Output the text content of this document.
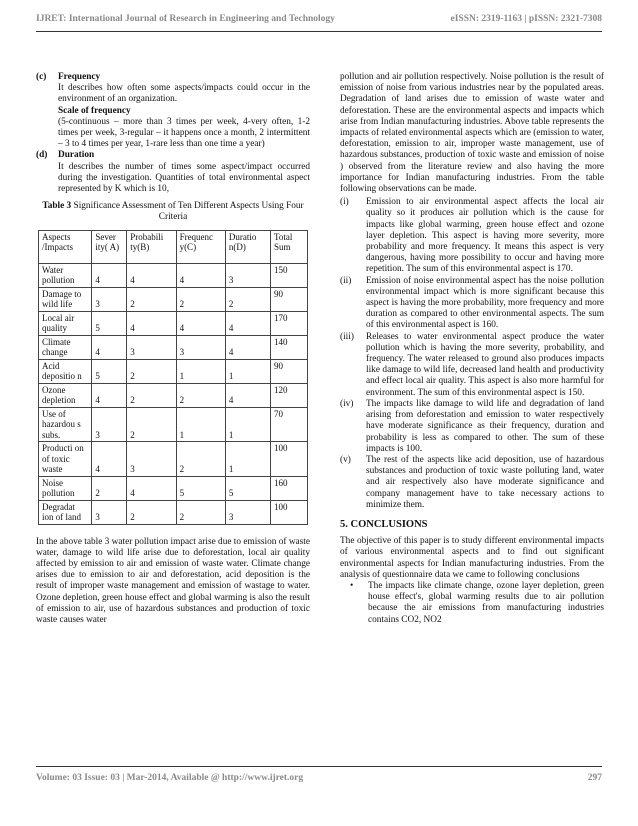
IJRET: International Journal of Research in Engineering and Technology	eISSN: 2319-1163 | pISSN: 2321-7308
(c)	Frequency
It describes how often some aspects/impacts could occur in the environment of an organization.
Scale of frequency
(5-continuous – more than 3 times per week, 4-very often, 1-2 times per week, 3-regular – it happens once a month, 2 intermittent – 3 to 4 times per year, 1-rare less than one time a year)
(d)	Duration
It describes the number of times some aspect/impact occurred during the investigation. Quantities of total environmental aspect represented by K which is 10,
Table 3 Significance Assessment of Ten Different Aspects Using Four Criteria
Aspects /Impacts	Sever ity( A)	Probabili ty(B)	Frequenc y(C)	Duratio n(D)	Total Sum
Water pollution	4	4	4	3	150
Damage to wild life	3	2	2	2	90
Local air quality	5	4	4	4	170
Climate change	4	3	3	4	140
Acid depositio n	5	2	1	1	90
Ozone depletion	4	2	2	4	120
Use of hazardou s subs.	3	2	1	1	70
Producti on of toxic waste	4	3	2	1	100
Noise pollution	2	4	5	5	160
Degradat ion of land	3	2	2	3	100
In the above table 3 water pollution impact arise due to emission of waste water, damage to wild life arise due to deforestation, local air quality affected by emission to air and emission of waste water. Climate change arises due to emission to air and deforestation, acid deposition is the result of improper waste management and emission of wastage to water. Ozone depletion, green house effect and global warming is also the result of emission to air, use of hazardous substances and production of toxic waste causes water
pollution and air pollution respectively. Noise pollution is the result of emission of noise from various industries near by the populated areas. Degradation of land arises due to emission of waste water and deforestation. These are the environmental aspects and impacts which arise from Indian manufacturing industries. Above table represents the impacts of related environmental aspects which are (emission to water, deforestation, emission to air, improper waste management, use of hazardous substances, production of toxic waste and emission of noise ) observed from the literature review and also having the more importance for Indian manufacturing industries. From the table following observations can be made.
(i)	Emission to air environmental aspect affects the local air quality so it produces air pollution which is the cause for impacts like global warming, green house effect and ozone layer depletion. This aspect is having more severity, more probability and more frequency. It means this aspect is very dangerous, having more possibility to occur and having more repetition. The sum of this environmental aspect is 170.
(ii)	Emission of noise environmental aspect has the noise pollution environmental impact which is more significant because this aspect is having the more probability, more frequency and more duration as compared to other environmental aspects. The sum of this environmental aspect is 160.
(iii)	Releases to water environmental aspect produce the water pollution which is having the more severity, probability, and frequency. The water released to ground also produces impacts like damage to wild life, decreased land health and productivity and effect local air quality. This aspect is also more harmful for environment. The sum of this environmental aspect is 150.
(iv)	The impacts like damage to wild life and degradation of land arising from deforestation and emission to water respectively have moderate significance as their frequency, duration and probability is less as compared to other. The sum of these impacts is 100.
(v)	The rest of the aspects like acid deposition, use of hazardous substances and production of toxic waste polluting land, water and air respectively also have moderate significance and company management have to take necessary actions to minimize them.
5. CONCLUSIONS
The objective of this paper is to study different environmental impacts of various environmental aspects and to find out significant environmental aspects for Indian manufacturing industries. From the analysis of questionnaire data we came to following conclusions
•	The impacts like climate change, ozone layer depletion, green house effect's, global warming results due to air pollution because the air emissions from manufacturing industries contains CO2, NO2
Volume: 03 Issue: 03 | Mar-2014, Available @ http://www.ijret.org	297
